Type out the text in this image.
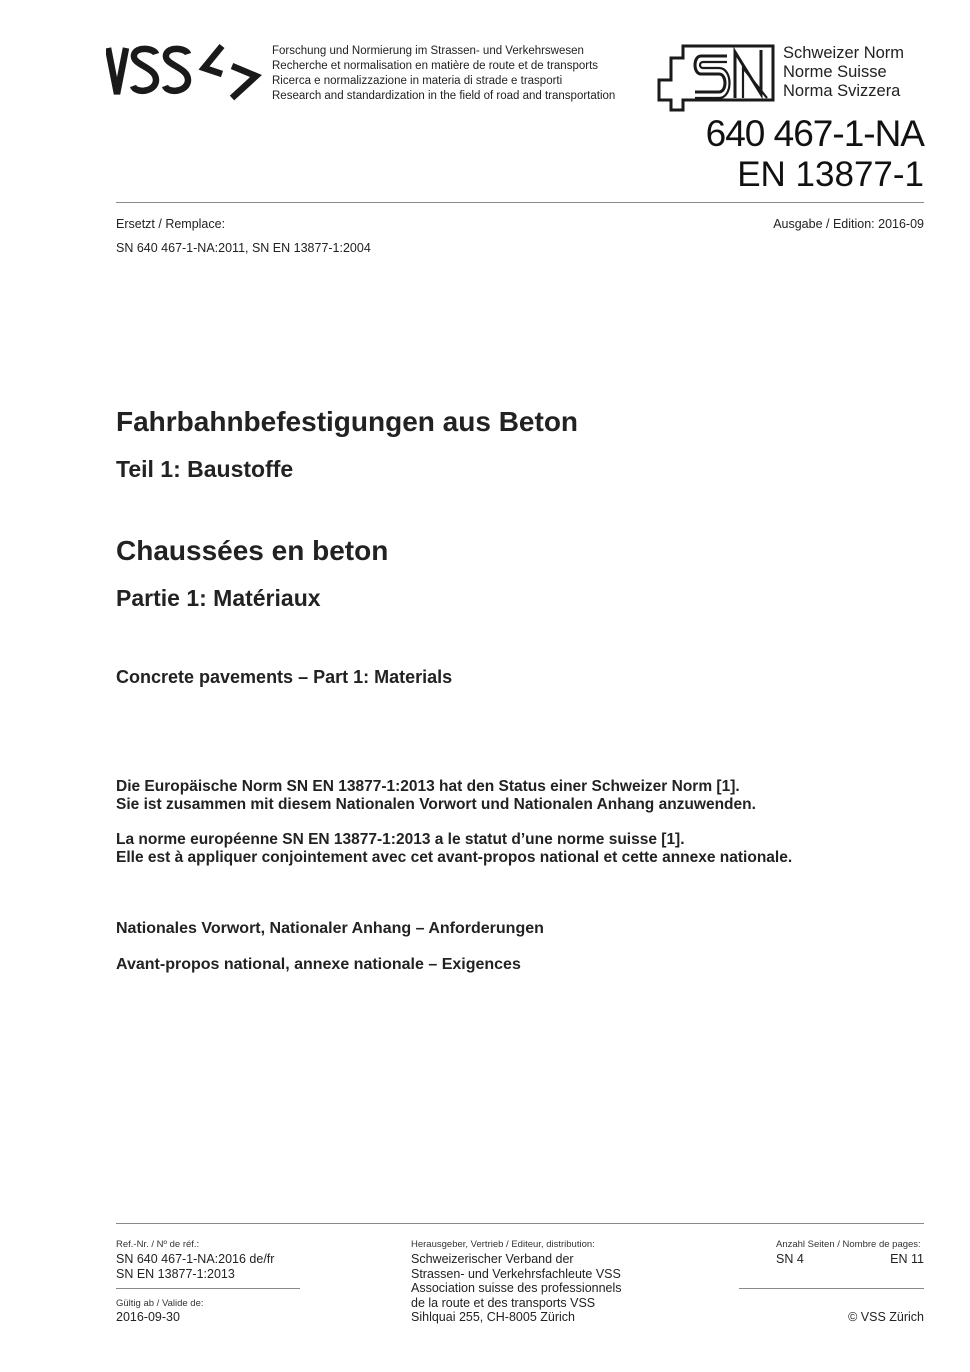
Forschung und Normierung im Strassen- und Verkehrswesen
Recherche et normalisation en matière de route et de transports
Ricerca e normalizzazione in materia di strade e trasporti
Research and standardization in the field of road and transportation
Schweizer Norm
Norme Suisse
Norma Svizzera
640 467-1-NA
EN 13877-1
Ersetzt / Remplace:	Ausgabe / Edition: 2016-09
SN 640 467-1-NA:2011, SN EN 13877-1:2004
Fahrbahnbefestigungen aus Beton
Teil 1: Baustoffe
Chaussées en beton
Partie 1: Matériaux
Concrete pavements – Part 1: Materials
Die Europäische Norm SN EN 13877-1:2013 hat den Status einer Schweizer Norm [1].
Sie ist zusammen mit diesem Nationalen Vorwort und Nationalen Anhang anzuwenden.
La norme européenne SN EN 13877-1:2013 a le statut d’une norme suisse [1].
Elle est à appliquer conjointement avec cet avant-propos national et cette annexe nationale.
Nationales Vorwort, Nationaler Anhang – Anforderungen
Avant-propos national, annexe nationale – Exigences
Ref.-Nr. / Nº de réf.:
SN 640 467-1-NA:2016 de/fr
SN EN 13877-1:2013
Gültig ab / Valide de:
2016-09-30
Herausgeber, Vertrieb / Editeur, distribution:
Schweizerischer Verband der
Strassen- und Verkehrsfachleute VSS
Association suisse des professionnels
de la route et des transports VSS
Sihlquai 255, CH-8005 Zürich
Anzahl Seiten / Nombre de pages:
SN 4	EN 11
© VSS Zürich
